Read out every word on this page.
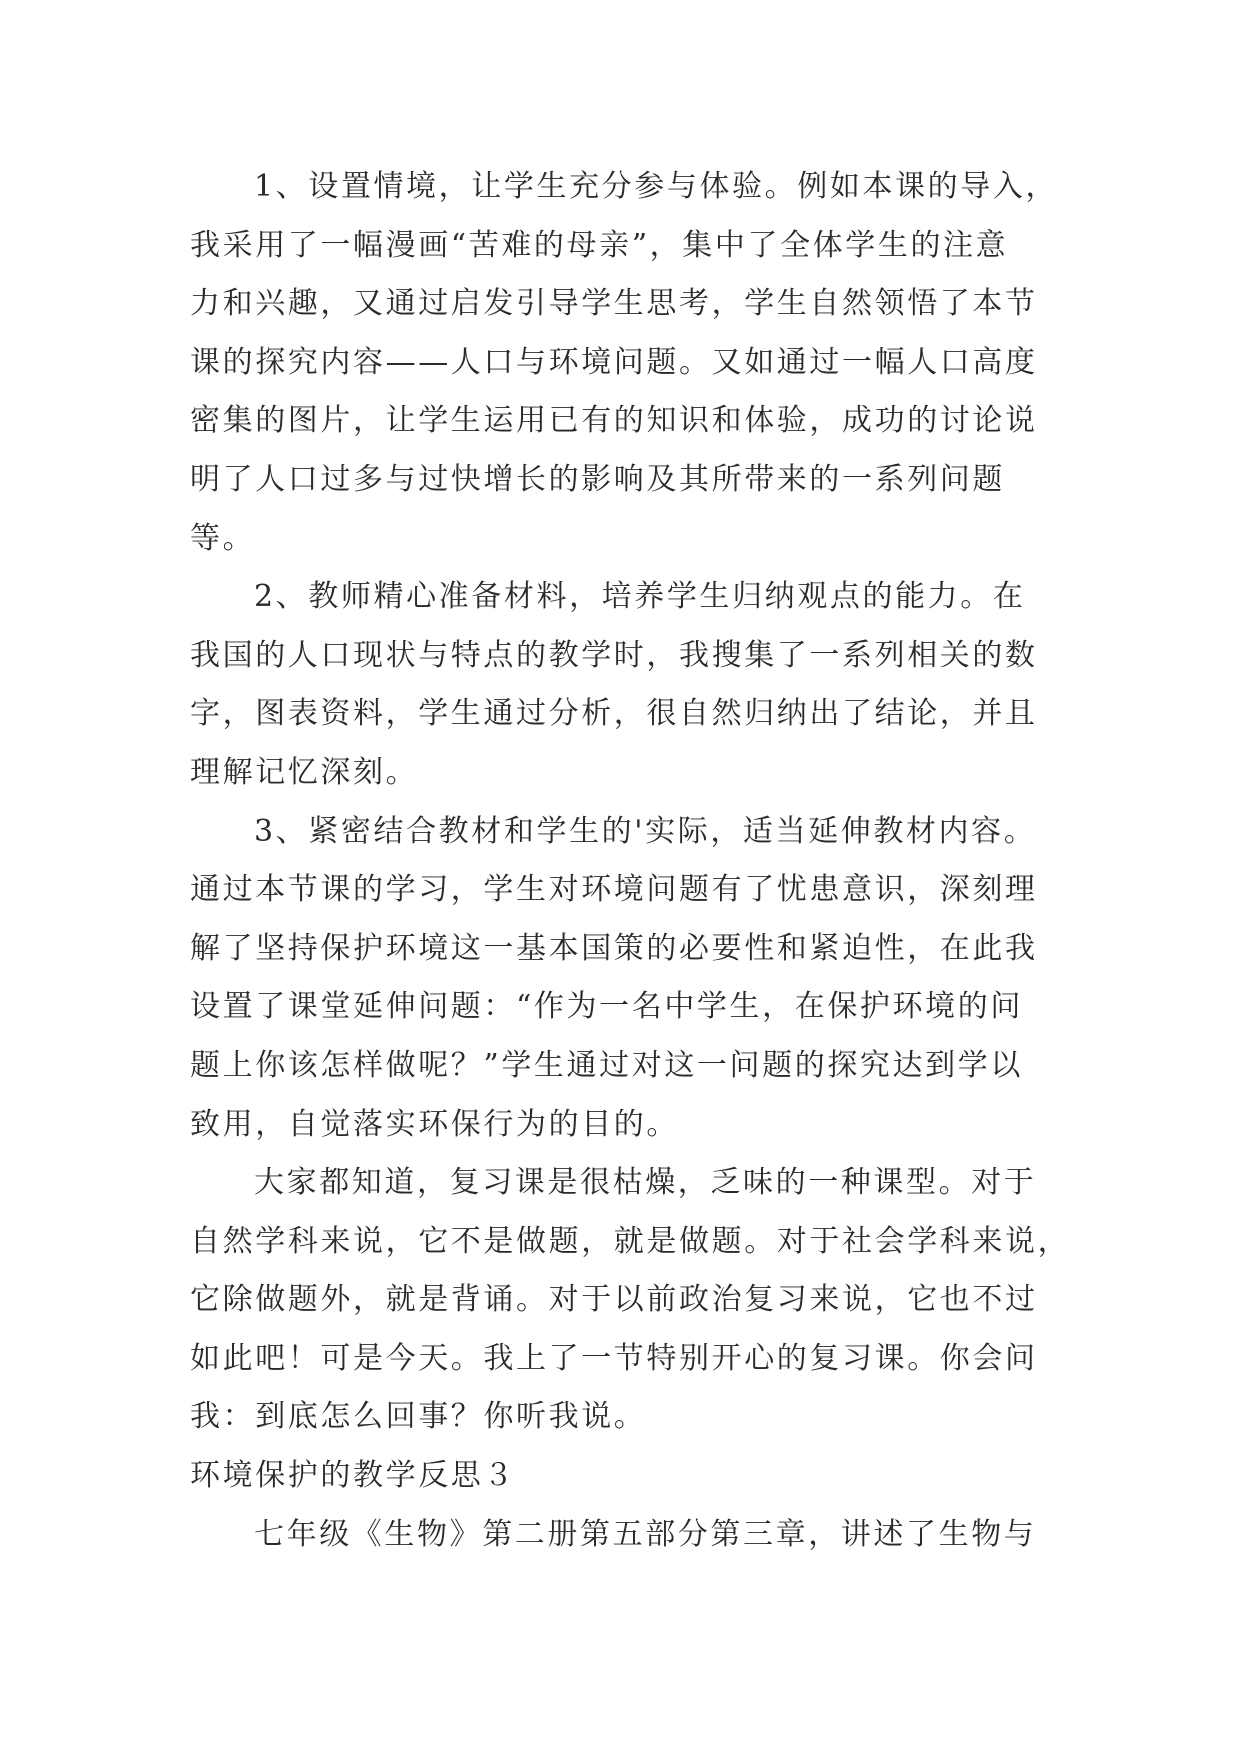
1、设置情境，让学生充分参与体验。例如本课的导入，
我采用了一幅漫画“苦难的母亲”，集中了全体学生的注意
力和兴趣，又通过启发引导学生思考，学生自然领悟了本节
课的探究内容——人口与环境问题。又如通过一幅人口高度
密集的图片，让学生运用已有的知识和体验，成功的讨论说
明了人口过多与过快增长的影响及其所带来的一系列问题
等。
2、教师精心准备材料，培养学生归纳观点的能力。在
我国的人口现状与特点的教学时，我搜集了一系列相关的数
字，图表资料，学生通过分析，很自然归纳出了结论，并且
理解记忆深刻。
3、紧密结合教材和学生的'实际，适当延伸教材内容。
通过本节课的学习，学生对环境问题有了忧患意识，深刻理
解了坚持保护环境这一基本国策的必要性和紧迫性，在此我
设置了课堂延伸问题：“作为一名中学生，在保护环境的问
题上你该怎样做呢？”学生通过对这一问题的探究达到学以
致用，自觉落实环保行为的目的。
大家都知道，复习课是很枯燥，乏味的一种课型。对于
自然学科来说，它不是做题，就是做题。对于社会学科来说，
它除做题外，就是背诵。对于以前政治复习来说，它也不过
如此吧！可是今天。我上了一节特别开心的复习课。你会问
我：到底怎么回事？你听我说。
环境保护的教学反思３
七年级《生物》第二册第五部分第三章，讲述了生物与
